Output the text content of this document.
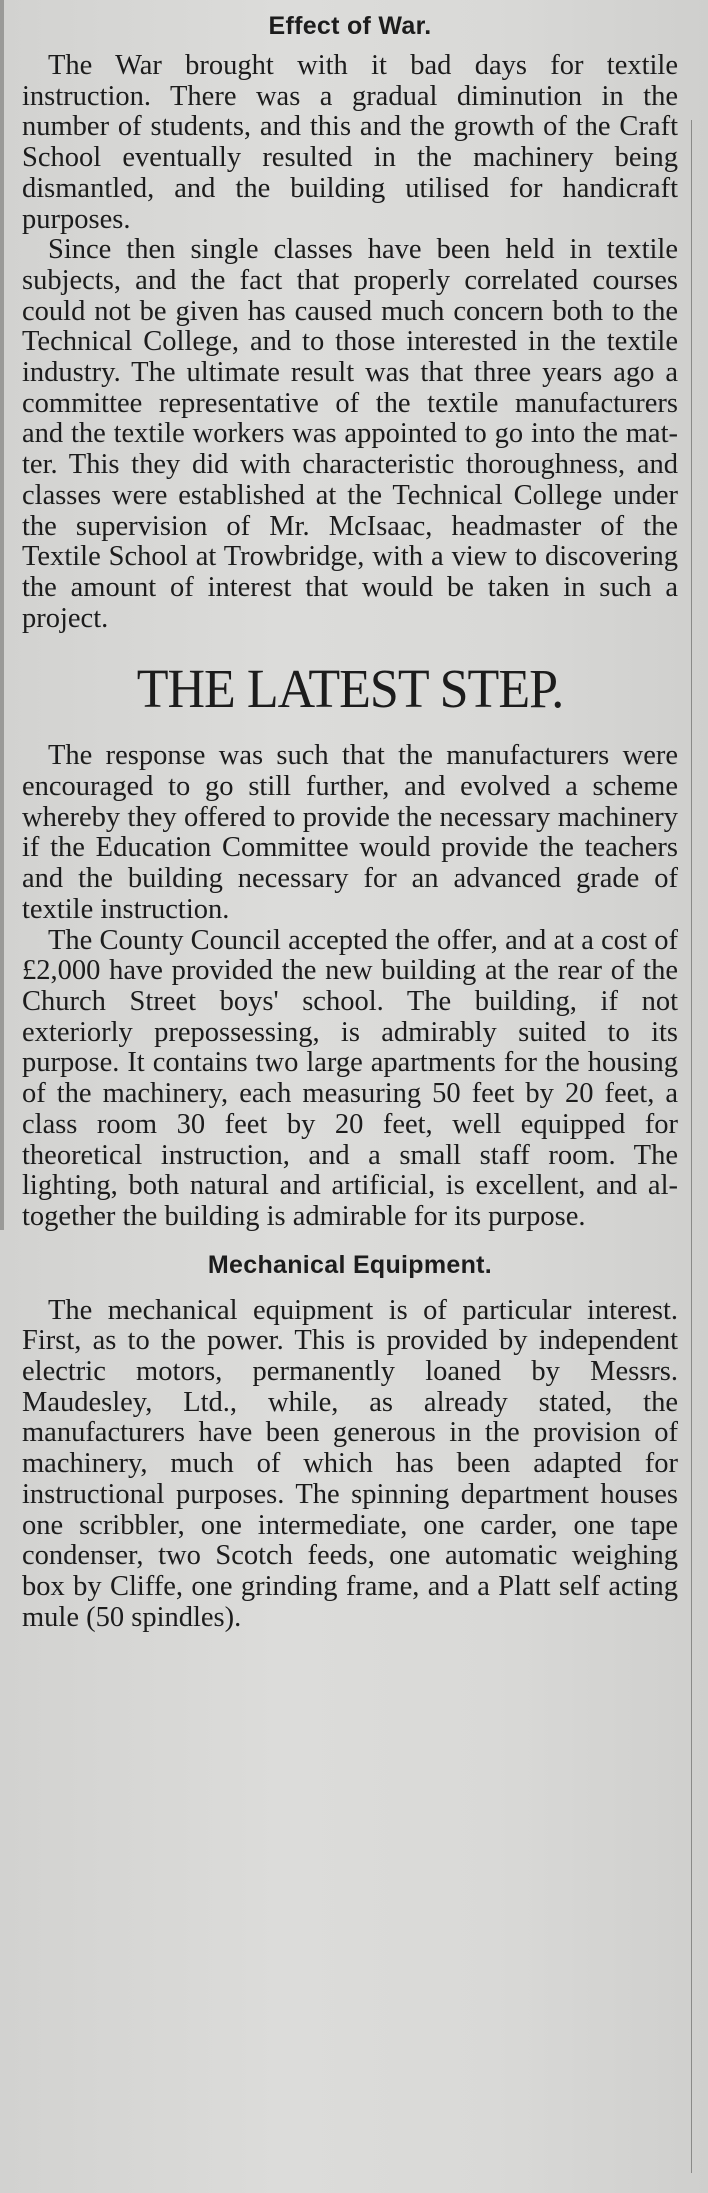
Effect of War.

The War brought with it bad days for textile instruction. There was a gradual diminution in the number of students, and this and the growth of the Craft School eventually resulted in the machinery being dismantled, and the building utilised for handicraft purposes.

Since then single classes have been held in textile subjects, and the fact that properly correlated courses could not be given has caused much concern both to the Technical College, and to those interested in the textile industry. The ultimate result was that three years ago a committee representative of the textile manufacturers and the textile workers was appointed to go into the matter. This they did with characteristic thoroughness, and classes were established at the Technical College under the supervision of Mr. McIsaac, headmaster of the Textile School at Trowbridge, with a view to discovering the amount of interest that would be taken in such a project.

THE LATEST STEP.

The response was such that the manufacturers were encouraged to go still further, and evolved a scheme whereby they offered to provide the necessary machinery if the Education Committee would provide the teachers and the building necessary for an advanced grade of textile instruction.

The County Council accepted the offer, and at a cost of £2,000 have provided the new building at the rear of the Church Street boys' school. The building, if not exteriorly prepossessing, is admirably suited to its purpose. It contains two large apartments for the housing of the machinery, each measuring 50 feet by 20 feet, a class room 30 feet by 20 feet, well equipped for theoretical instruction, and a small staff room. The lighting, both natural and artificial, is excellent, and altogether the building is admirable for its purpose.

Mechanical Equipment.

The mechanical equipment is of particular interest. First, as to the power. This is provided by independent electric motors, permanently loaned by Messrs. Maudesley, Ltd., while, as already stated, the manufacturers have been generous in the provision of machinery, much of which has been adapted for instructional purposes. The spinning department houses one scribbler, one intermediate, one carder, one tape condenser, two Scotch feeds, one automatic weighing box by Cliffe, one grinding frame, and a Platt self acting mule (50 spindles).
